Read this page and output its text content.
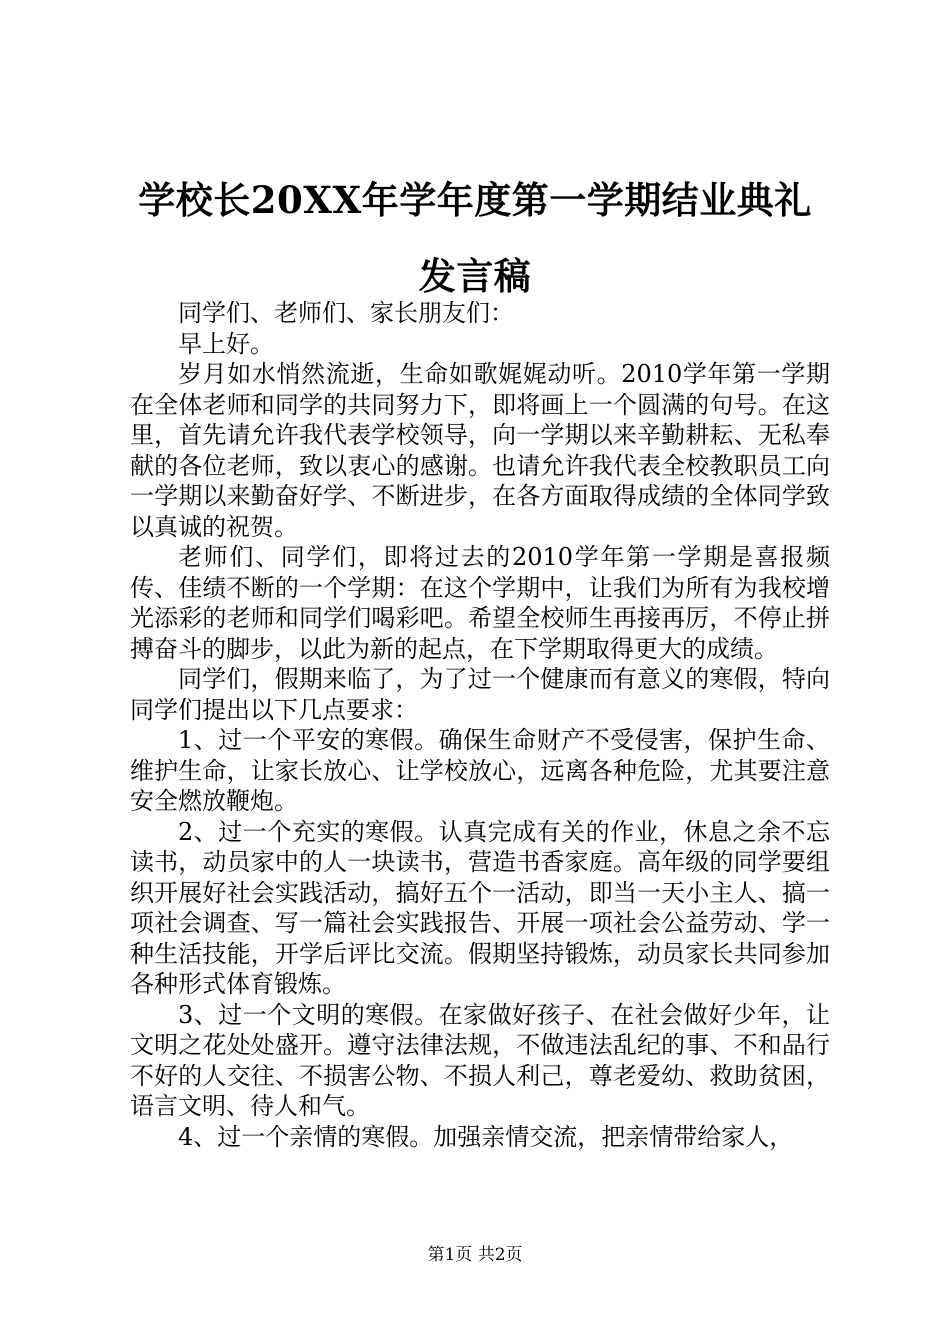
学校长20XX年学年度第一学期结业典礼发言稿

同学们、老师们、家长朋友们：

早上好。

岁月如水悄然流逝，生命如歌娓娓动听。2010学年第一学期在全体老师和同学的共同努力下，即将画上一个圆满的句号。在这里，首先请允许我代表学校领导，向一学期以来辛勤耕耘、无私奉献的各位老师，致以衷心的感谢。也请允许我代表全校教职员工向一学期以来勤奋好学、不断进步，在各方面取得成绩的全体同学致以真诚的祝贺。

老师们、同学们，即将过去的2010学年第一学期是喜报频传、佳绩不断的一个学期：在这个学期中，让我们为所有为我校增光添彩的老师和同学们喝彩吧。希望全校师生再接再厉，不停止拼搏奋斗的脚步，以此为新的起点，在下学期取得更大的成绩。

同学们，假期来临了，为了过一个健康而有意义的寒假，特向同学们提出以下几点要求：

1、过一个平安的寒假。确保生命财产不受侵害，保护生命、维护生命，让家长放心、让学校放心，远离各种危险，尤其要注意安全燃放鞭炮。

2、过一个充实的寒假。认真完成有关的作业，休息之余不忘读书，动员家中的人一块读书，营造书香家庭。高年级的同学要组织开展好社会实践活动，搞好五个一活动，即当一天小主人、搞一项社会调查、写一篇社会实践报告、开展一项社会公益劳动、学一种生活技能，开学后评比交流。假期坚持锻炼，动员家长共同参加各种形式体育锻炼。

3、过一个文明的寒假。在家做好孩子、在社会做好少年，让文明之花处处盛开。遵守法律法规，不做违法乱纪的事、不和品行不好的人交往、不损害公物、不损人利己，尊老爱幼、救助贫困，语言文明、待人和气。

4、过一个亲情的寒假。加强亲情交流，把亲情带给家人，

第1页 共2页
